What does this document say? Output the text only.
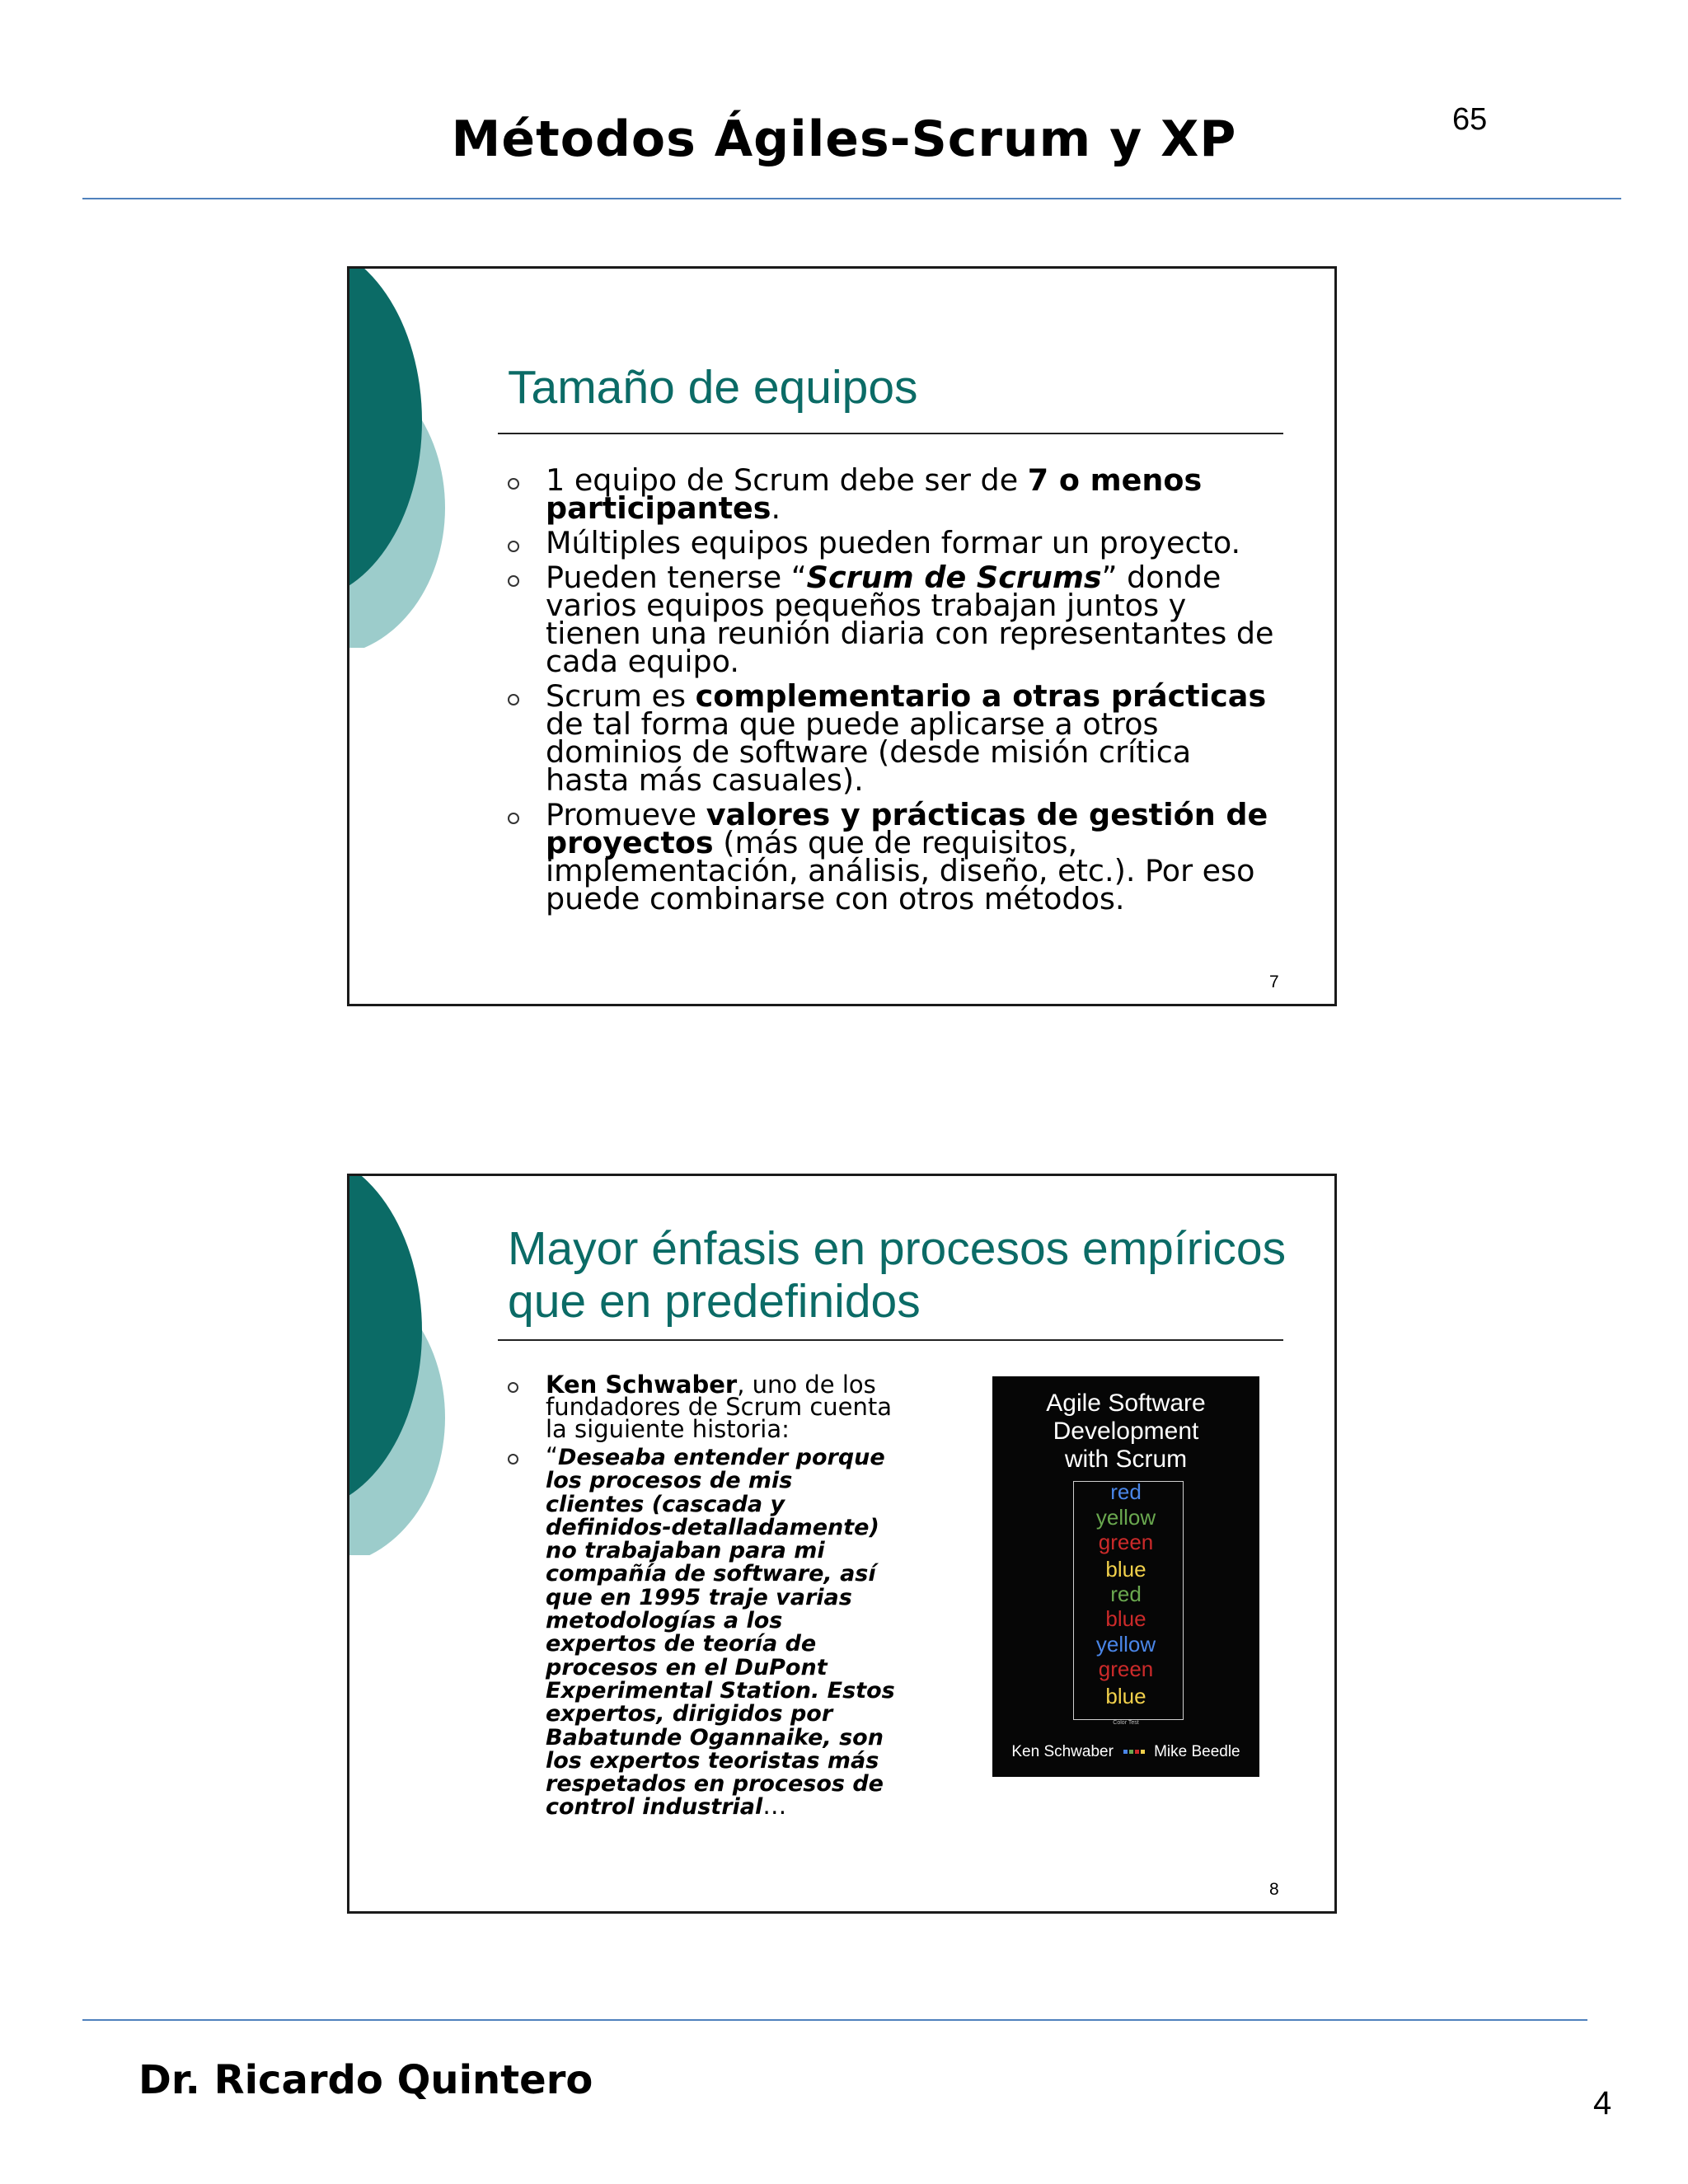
Métodos Ágiles-Scrum y XP	65
Tamaño de equipos
1 equipo de Scrum debe ser de 7 o menos participantes.
Múltiples equipos pueden formar un proyecto.
Pueden tenerse “Scrum de Scrums” donde varios equipos pequeños trabajan juntos y tienen una reunión diaria con representantes de cada equipo.
Scrum es complementario a otras prácticas de tal forma que puede aplicarse a otros dominios de software (desde misión crítica hasta más casuales).
Promueve valores y prácticas de gestión de proyectos (más que de requisitos, implementación, análisis, diseño, etc.). Por eso puede combinarse con otros métodos.
7
Mayor énfasis en procesos empíricos
que en predefinidos
Ken Schwaber, uno de los fundadores de Scrum cuenta la siguiente historia:
“Deseaba entender porque los procesos de mis clientes (cascada y definidos-detalladamente) no trabajaban para mi compañía de software, así que en 1995 traje varias metodologías a los expertos de teoría de procesos en el DuPont Experimental Station. Estos expertos, dirigidos por Babatunde Ogannaike, son los expertos teoristas más respetados en procesos de control industrial…
Agile Software
Development
with Scrum
red
yellow
green
blue
red
blue
yellow
green
blue
Color Test
Ken Schwaber	Mike Beedle
8
Dr. Ricardo Quintero	4
